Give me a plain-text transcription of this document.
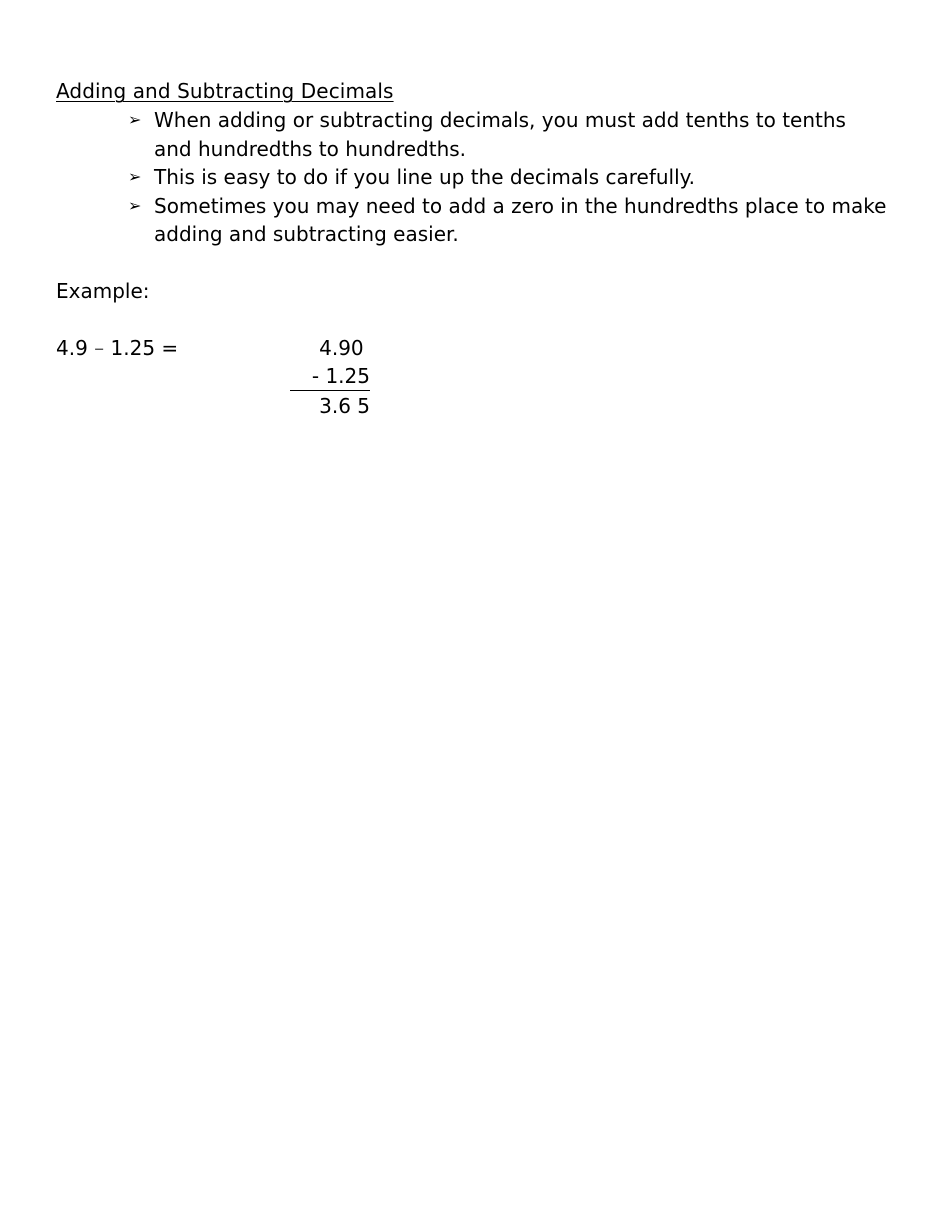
Adding and Subtracting Decimals
➢ When adding or subtracting decimals, you must add tenths to tenths and hundredths to hundredths.
➢ This is easy to do if you line up the decimals carefully.
➢ Sometimes you may need to add a zero in the hundredths place to make adding and subtracting easier.
Example:
4.9 – 1.25 =	4.90
- 1.25
3.6 5
